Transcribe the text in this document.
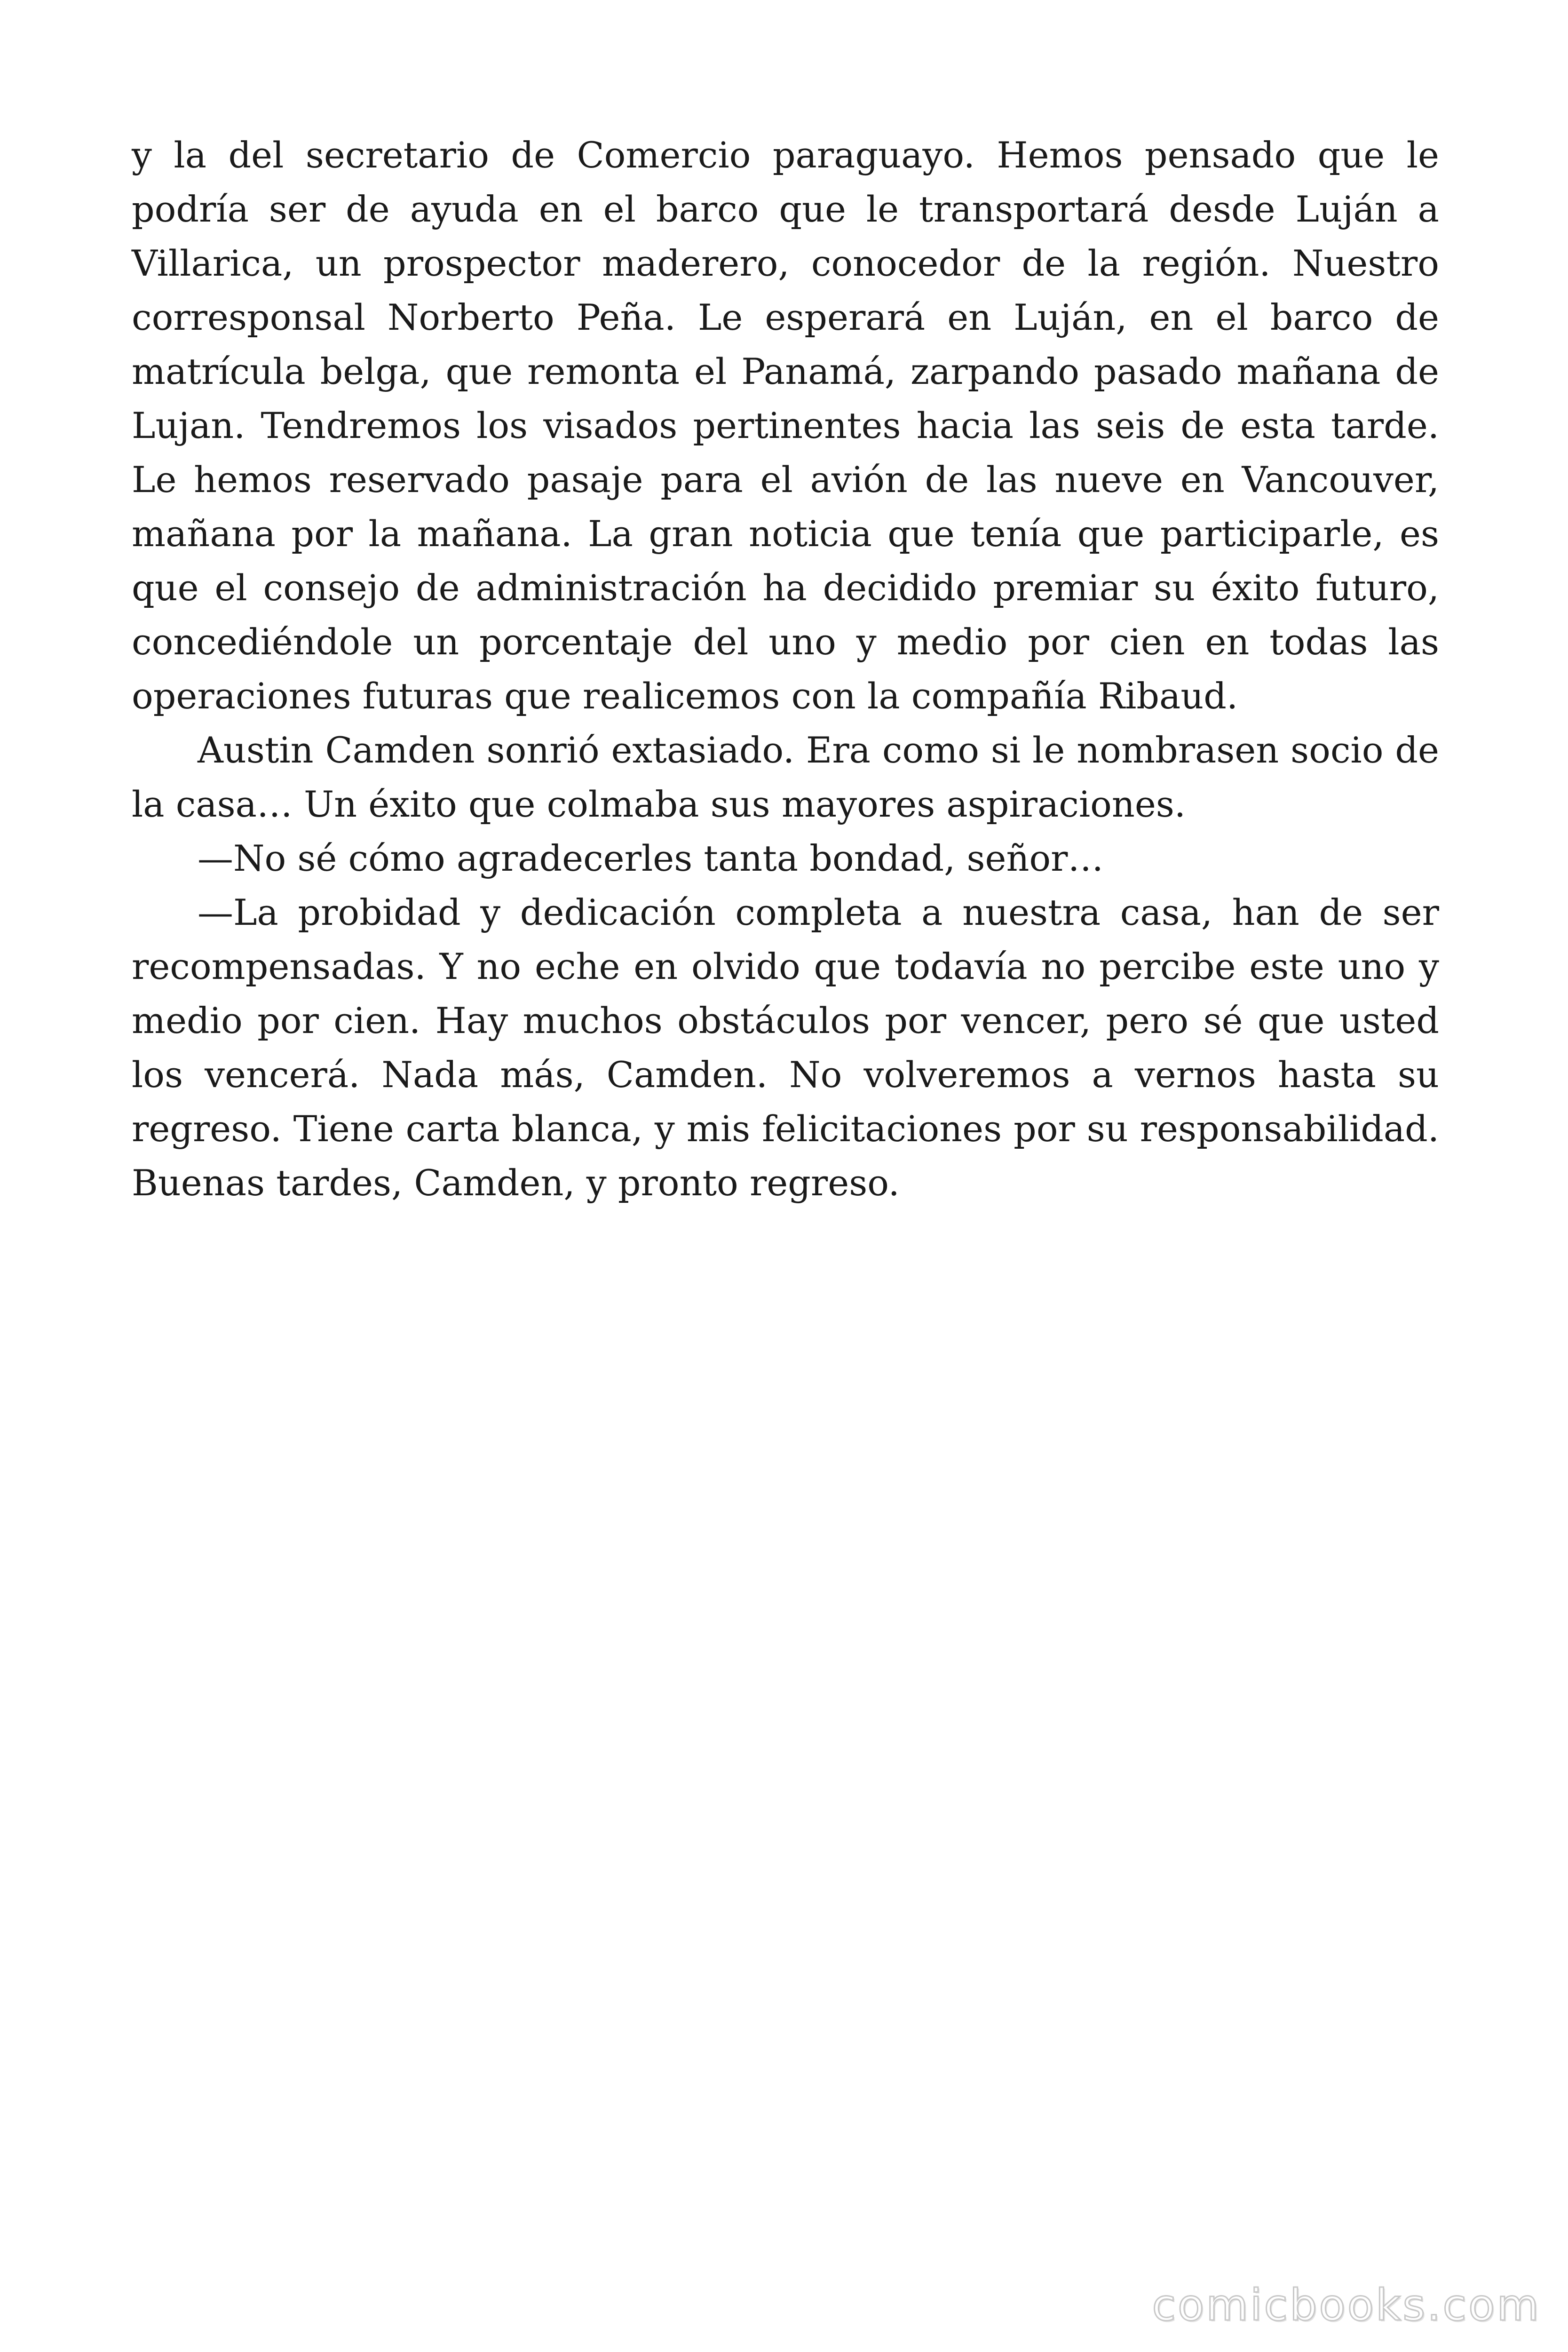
y la del secretario de Comercio paraguayo. Hemos pensado que le podría ser de ayuda en el barco que le transportará desde Luján a Villarica, un prospector maderero, conocedor de la región. Nuestro corresponsal Norberto Peña. Le esperará en Luján, en el barco de matrícula belga, que remonta el Panamá, zarpando pasado mañana de Lujan. Tendremos los visados pertinentes hacia las seis de esta tarde. Le hemos reservado pasaje para el avión de las nueve en Vancouver, mañana por la mañana. La gran noticia que tenía que participarle, es que el consejo de administración ha decidido premiar su éxito futuro, concediéndole un porcentaje del uno y medio por cien en todas las operaciones futuras que realicemos con la compañía Ribaud.

Austin Camden sonrió extasiado. Era como si le nombrasen socio de la casa… Un éxito que colmaba sus mayores aspiraciones.

—No sé cómo agradecerles tanta bondad, señor…

—La probidad y dedicación completa a nuestra casa, han de ser recompensadas. Y no eche en olvido que todavía no percibe este uno y medio por cien. Hay muchos obstáculos por vencer, pero sé que usted los vencerá. Nada más, Camden. No volveremos a vernos hasta su regreso. Tiene carta blanca, y mis felicitaciones por su responsabilidad. Buenas tardes, Camden, y pronto regreso.

comicbooks.com
